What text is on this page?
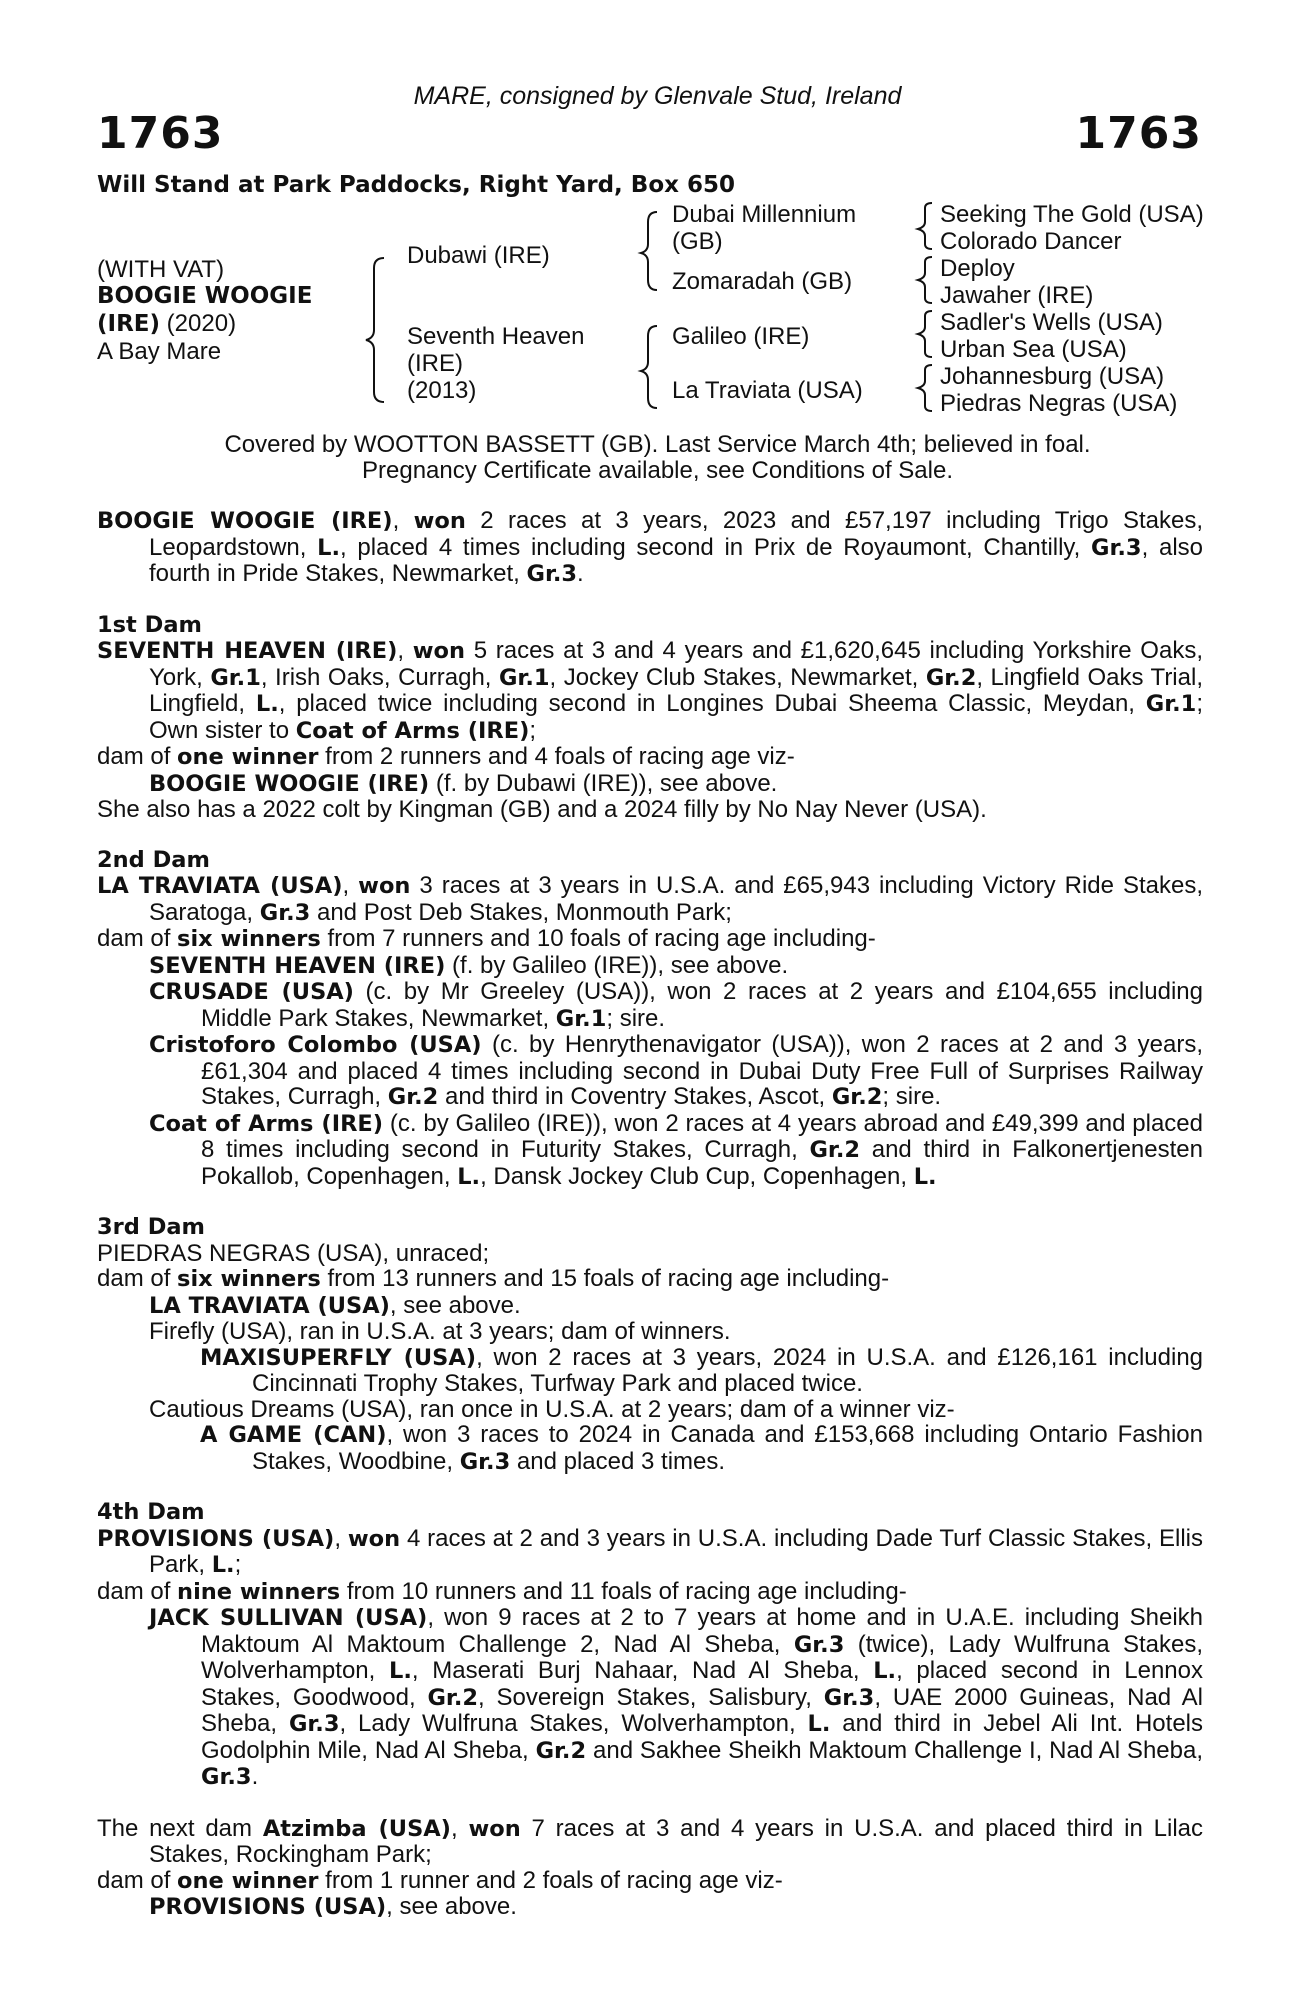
MARE, consigned by Glenvale Stud, Ireland
1763	1763
Will Stand at Park Paddocks, Right Yard, Box 650
(WITH VAT)
BOOGIE WOOGIE
(IRE) (2020)
A Bay Mare
Dubawi (IRE)
Seventh Heaven
(IRE)
(2013)
Dubai Millennium
(GB)
Zomaradah (GB)
Galileo (IRE)
La Traviata (USA)
Seeking The Gold (USA)
Colorado Dancer
Deploy
Jawaher (IRE)
Sadler's Wells (USA)
Urban Sea (USA)
Johannesburg (USA)
Piedras Negras (USA)
Covered by WOOTTON BASSETT (GB). Last Service March 4th; believed in foal.
Pregnancy Certificate available, see Conditions of Sale.

BOOGIE WOOGIE (IRE), won 2 races at 3 years, 2023 and £57,197 including Trigo Stakes, Leopardstown, L., placed 4 times including second in Prix de Royaumont, Chantilly, Gr.3, also fourth in Pride Stakes, Newmarket, Gr.3.

1st Dam

SEVENTH HEAVEN (IRE), won 5 races at 3 and 4 years and £1,620,645 including Yorkshire Oaks, York, Gr.1, Irish Oaks, Curragh, Gr.1, Jockey Club Stakes, Newmarket, Gr.2, Lingfield Oaks Trial, Lingfield, L., placed twice including second in Longines Dubai Sheema Classic, Meydan, Gr.1; Own sister to Coat of Arms (IRE);

dam of one winner from 2 runners and 4 foals of racing age viz-

BOOGIE WOOGIE (IRE) (f. by Dubawi (IRE)), see above.

She also has a 2022 colt by Kingman (GB) and a 2024 filly by No Nay Never (USA).

2nd Dam

LA TRAVIATA (USA), won 3 races at 3 years in U.S.A. and £65,943 including Victory Ride Stakes, Saratoga, Gr.3 and Post Deb Stakes, Monmouth Park;

dam of six winners from 7 runners and 10 foals of racing age including-

SEVENTH HEAVEN (IRE) (f. by Galileo (IRE)), see above.

CRUSADE (USA) (c. by Mr Greeley (USA)), won 2 races at 2 years and £104,655 including Middle Park Stakes, Newmarket, Gr.1; sire.

Cristoforo Colombo (USA) (c. by Henrythenavigator (USA)), won 2 races at 2 and 3 years, £61,304 and placed 4 times including second in Dubai Duty Free Full of Surprises Railway Stakes, Curragh, Gr.2 and third in Coventry Stakes, Ascot, Gr.2; sire.

Coat of Arms (IRE) (c. by Galileo (IRE)), won 2 races at 4 years abroad and £49,399 and placed 8 times including second in Futurity Stakes, Curragh, Gr.2 and third in Falkonertjenesten Pokallob, Copenhagen, L., Dansk Jockey Club Cup, Copenhagen, L.

3rd Dam

PIEDRAS NEGRAS (USA), unraced;

dam of six winners from 13 runners and 15 foals of racing age including-

LA TRAVIATA (USA), see above.

Firefly (USA), ran in U.S.A. at 3 years; dam of winners.

MAXISUPERFLY (USA), won 2 races at 3 years, 2024 in U.S.A. and £126,161 including Cincinnati Trophy Stakes, Turfway Park and placed twice.

Cautious Dreams (USA), ran once in U.S.A. at 2 years; dam of a winner viz-

A GAME (CAN), won 3 races to 2024 in Canada and £153,668 including Ontario Fashion Stakes, Woodbine, Gr.3 and placed 3 times.

4th Dam

PROVISIONS (USA), won 4 races at 2 and 3 years in U.S.A. including Dade Turf Classic Stakes, Ellis Park, L.;

dam of nine winners from 10 runners and 11 foals of racing age including-

JACK SULLIVAN (USA), won 9 races at 2 to 7 years at home and in U.A.E. including Sheikh Maktoum Al Maktoum Challenge 2, Nad Al Sheba, Gr.3 (twice), Lady Wulfruna Stakes, Wolverhampton, L., Maserati Burj Nahaar, Nad Al Sheba, L., placed second in Lennox Stakes, Goodwood, Gr.2, Sovereign Stakes, Salisbury, Gr.3, UAE 2000 Guineas, Nad Al Sheba, Gr.3, Lady Wulfruna Stakes, Wolverhampton, L. and third in Jebel Ali Int. Hotels Godolphin Mile, Nad Al Sheba, Gr.2 and Sakhee Sheikh Maktoum Challenge I, Nad Al Sheba, Gr.3.

The next dam Atzimba (USA), won 7 races at 3 and 4 years in U.S.A. and placed third in Lilac Stakes, Rockingham Park;

dam of one winner from 1 runner and 2 foals of racing age viz-

PROVISIONS (USA), see above.
